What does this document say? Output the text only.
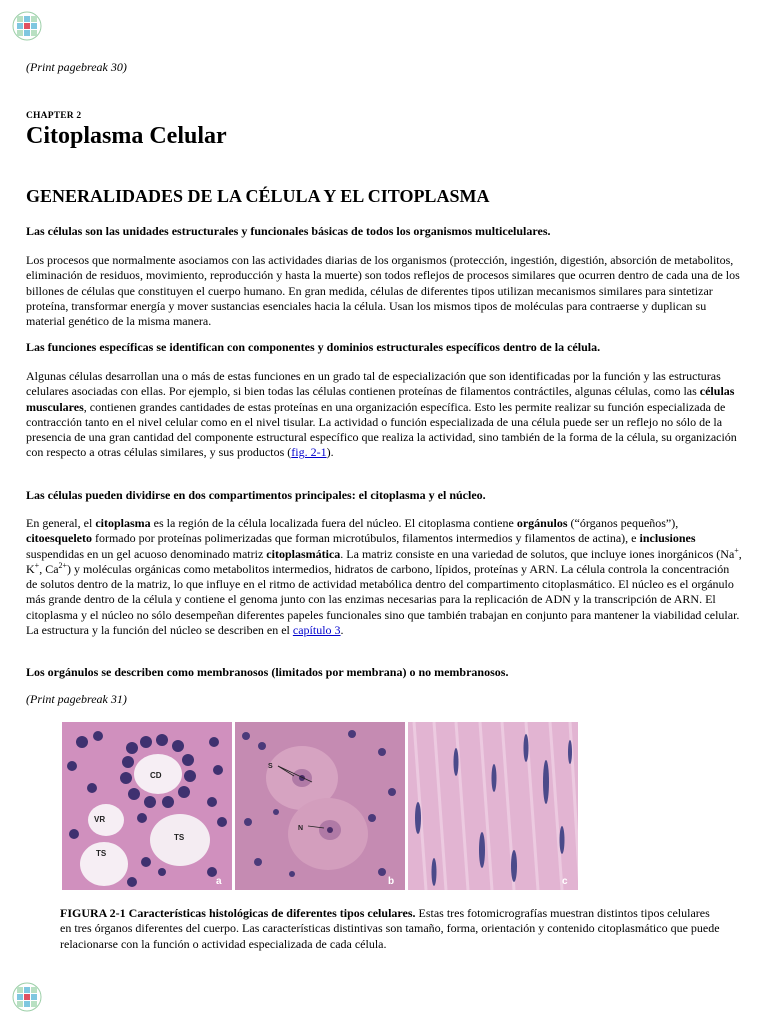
(Print pagebreak 30)
CHAPTER 2
Citoplasma Celular
GENERALIDADES DE LA CÉLULA Y EL CITOPLASMA

Las células son las unidades estructurales y funcionales básicas de todos los organismos multicelulares.

Los procesos que normalmente asociamos con las actividades diarias de los organismos (protección, ingestión, digestión, absorción de metabolitos, eliminación de residuos, movimiento, reproducción y hasta la muerte) son todos reflejos de procesos similares que ocurren dentro de cada una de los billones de células que constituyen el cuerpo humano. En gran medida, células de diferentes tipos utilizan mecanismos similares para sintetizar proteína, transformar energía y mover sustancias esenciales hacia la célula. Usan los mismos tipos de moléculas para contraerse y duplican su material genético de la misma manera.

Las funciones específicas se identifican con componentes y dominios estructurales específicos dentro de la célula.

Algunas células desarrollan una o más de estas funciones en un grado tal de especialización que son identificadas por la función y las estructuras celulares asociadas con ellas. Por ejemplo, si bien todas las células contienen proteínas de filamentos contráctiles, algunas células, como las células musculares, contienen grandes cantidades de estas proteínas en una organización específica. Esto les permite realizar su función especializada de contracción tanto en el nivel celular como en el nivel tisular. La actividad o función especializada de una célula puede ser un reflejo no sólo de la presencia de una gran cantidad del componente estructural específico que realiza la actividad, sino también de la forma de la célula, su organización con respecto a otras células similares, y sus productos (fig. 2-1).

Las células pueden dividirse en dos compartimentos principales: el citoplasma y el núcleo.

En general, el citoplasma es la región de la célula localizada fuera del núcleo. El citoplasma contiene orgánulos (“órganos pequeños”), citoesqueleto formado por proteínas polimerizadas que forman microtúbulos, filamentos intermedios y filamentos de actina), e inclusiones suspendidas en un gel acuoso denominado matriz citoplasmática. La matriz consiste en una variedad de solutos, que incluye iones inorgánicos (Na+, K+, $Ca^{2+}$) y moléculas orgánicas como metabolitos intermedios, hidratos de carbono, lípidos, proteínas y ARN. La célula controla la concentración de solutos dentro de la matriz, lo que influye en el ritmo de actividad metabólica dentro del compartimento citoplasmático. El núcleo es el orgánulo más grande dentro de la célula y contiene el genoma junto con las enzimas necesarias para la replicación de ADN y la transcripción de ARN. El citoplasma y el núcleo no sólo desempeñan diferentes papeles funcionales sino que también trabajan en conjunto para mantener la viabilidad celular. La estructura y la función del núcleo se describen en el capítulo 3.

Los orgánulos se describen como membranosos (limitados por membrana) o no membranosos.

(Print pagebreak 31)
CD
VR
TS
TS
a
S
N
b	c

FIGURA 2-1 Características histológicas de diferentes tipos celulares. Estas tres fotomicrografías muestran distintos tipos celulares en tres órganos diferentes del cuerpo. Las características distintivas son tamaño, forma, orientación y contenido citoplasmático que puede relacionarse con la función o actividad especializada de cada célula.
